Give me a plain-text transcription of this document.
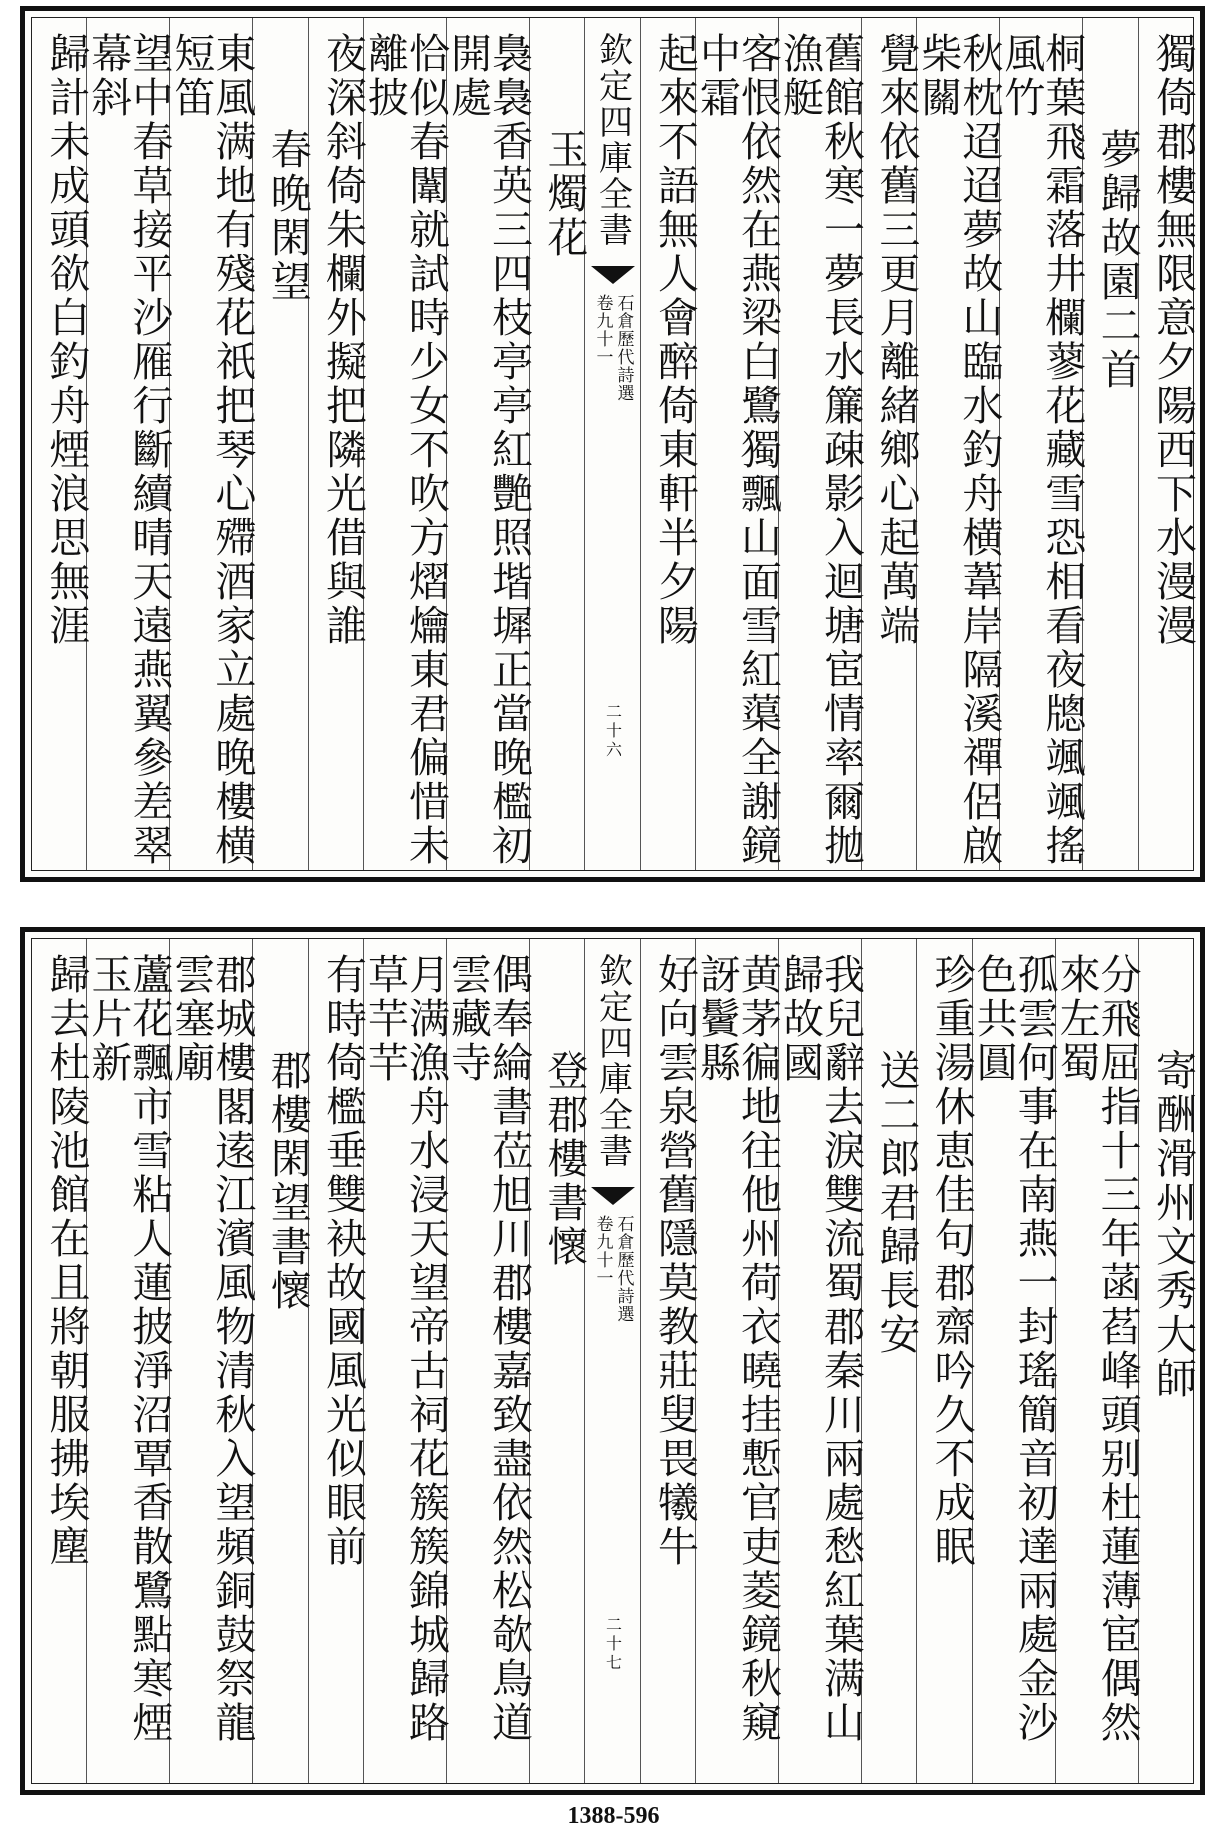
獨倚郡樓無限意夕陽西下水漫漫
夢歸故園二首
桐葉飛霜落井欄蓼花藏雪恐相看夜牕颯颯搖風竹
秋枕迢迢夢故山臨水釣舟横葦岸隔溪禪侶啟柴關
覺來依舊三更月離緒鄉心起萬端
舊館秋寒一夢長水簾疎影入迴塘宦情率爾拋漁艇
客恨依然在燕梁白鷺獨飄山面雪紅蕖全謝鏡中霜
起來不語無人會醉倚東軒半夕陽
欽定四庫全書
石倉歷代詩選
卷九十一
二十六
玉燭花
裊裊香英三四枝亭亭紅艷照堦墀正當晚檻初開處
恰似春闈就試時少女不吹方熠爚東君偏惜未離披
夜深斜倚朱欄外擬把隣光借與誰
春晚閑望
東風满地有殘花祇把琴心殢酒家立處晚樓横短笛
望中春草接平沙雁行斷續晴天遠燕翼參差翠幕斜
歸計未成頭欲白釣舟煙浪思無涯
寄酬滑州文秀大師
分飛屈指十三年菡萏峰頭别杜蓮薄宦偶然來左蜀
孤雲何事在南燕一封瑤簡音初達兩處金沙色共圓
珍重湯休恵佳句郡齋吟久不成眠
送二郎君歸長安
我兒辭去淚雙流蜀郡秦川兩處愁紅葉满山歸故國
黄茅徧地往他州荷衣曉挂慙官吏菱鏡秋窺訝鬢縣
好向雲泉營舊隱莫教莊叟畏犧牛
欽定四庫全書
石倉歷代詩選
卷九十一
二十七
登郡樓書懷
偶奉綸書莅旭川郡樓嘉致盡依然松欹鳥道雲藏寺
月满漁舟水浸天望帝古祠花簇簇錦城歸路草芉芉
有時倚檻垂雙袂故國風光似眼前
郡樓閑望書懷
郡城樓閣逺江濱風物清秋入望頻銅鼓祭龍雲塞廟
蘆花飄市雪粘人蓮披淨沼覃香散鷺點寒煙玉片新
歸去杜陵池館在且將朝服拂埃塵
1388-596
